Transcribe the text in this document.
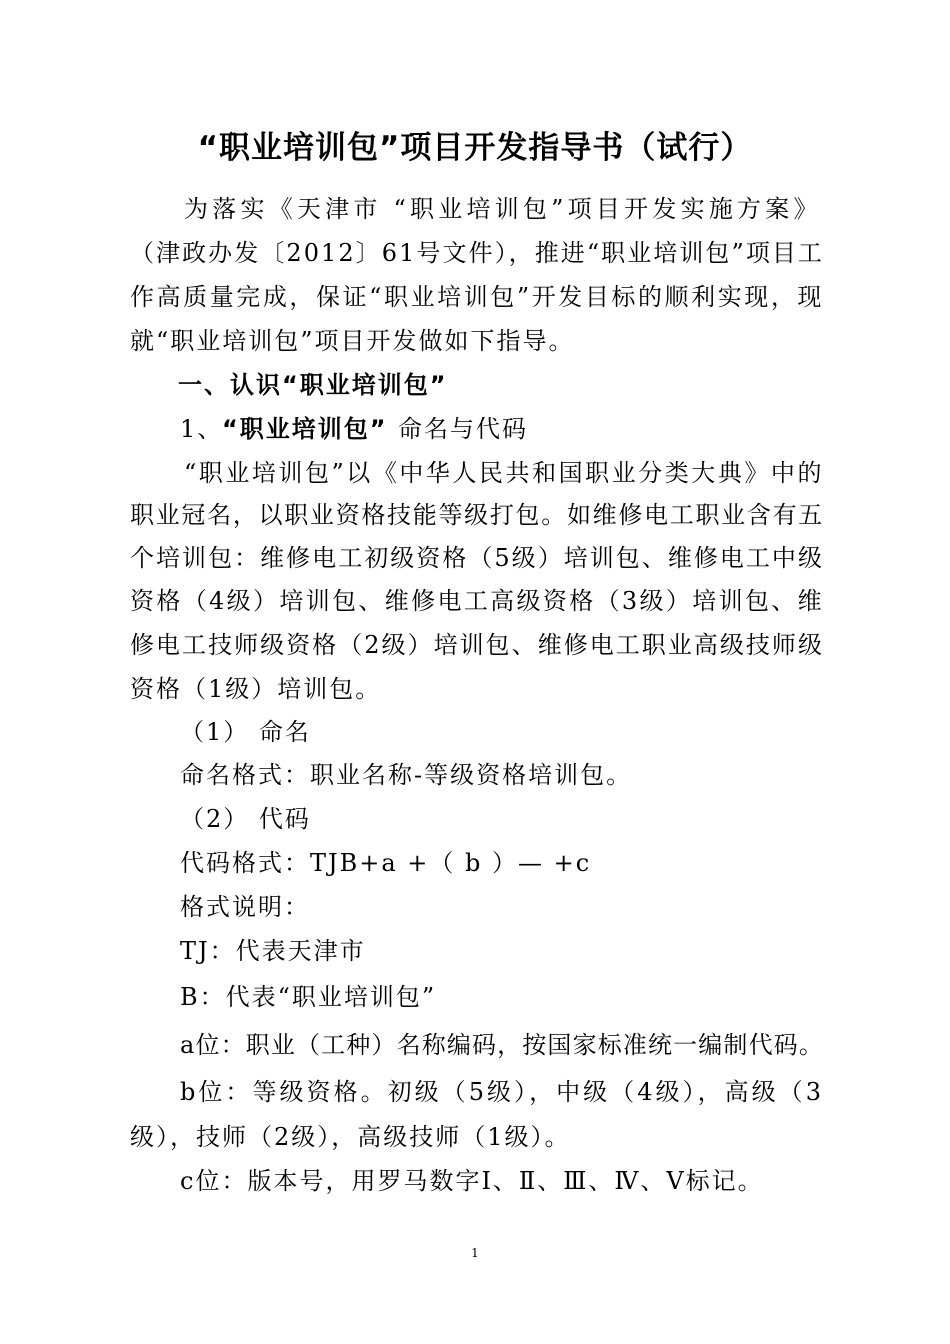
“职业培训包”项目开发指导书（试行）
为落实《天津市 “职业培训包”项目开发实施方案》
（津政办发〔2012〕61号文件），推进“职业培训包”项目工
作高质量完成，保证“职业培训包”开发目标的顺利实现，现
就“职业培训包”项目开发做如下指导。
一、认识“职业培训包”
1、
“职业培训包” 命名与代码
“职业培训包”以《中华人民共和国职业分类大典》中的
职业冠名，以职业资格技能等级打包。如维修电工职业含有五
个培训包：维修电工初级资格（5级）培训包、维修电工中级
资格（4级）培训包、维修电工高级资格（3级）培训包、维
修电工技师级资格（2级）培训包、维修电工职业高级技师级
资格（1级）培训包。
（1） 命名
命名格式：职业名称-等级资格培训包。
（2） 代码
代码格式：TJB+a +（ b ）— +c
格式说明：
TJ：代表天津市
B：代表“职业培训包”
a位：职业（工种）名称编码，按国家标准统一编制代码。
b位：等级资格。初级（5级），中级（4级），高级（3
级），技师（2级），高级技师（1级）。
c位：版本号，用罗马数字Ⅰ、Ⅱ、Ⅲ、Ⅳ、Ⅴ标记。
1
